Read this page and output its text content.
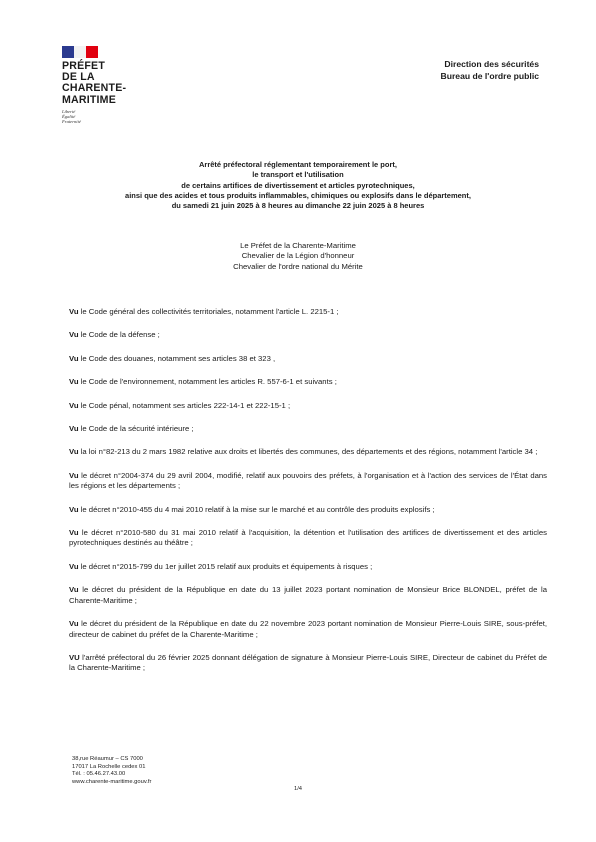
PRÉFET
DE LA
CHARENTE-
MARITIME
Liberté
Égalité
Fraternité
Direction des sécurités
Bureau de l'ordre public
Arrêté préfectoral réglementant temporairement le port,
le transport et l'utilisation
de certains artifices de divertissement et articles pyrotechniques,
ainsi que des acides et tous produits inflammables, chimiques ou explosifs dans le département,
du samedi 21 juin 2025 à 8 heures au dimanche 22 juin 2025 à 8 heures
Le Préfet de la Charente-Maritime
Chevalier de la Légion d'honneur
Chevalier de l'ordre national du Mérite

Vu le Code général des collectivités territoriales, notamment l'article L. 2215-1 ;

Vu le Code de la défense ;

Vu le Code des douanes, notamment ses articles 38 et 323 ,

Vu le Code de l'environnement, notamment les articles R. 557-6-1 et suivants ;

Vu le Code pénal, notamment ses articles 222-14-1 et 222-15-1 ;

Vu le Code de la sécurité intérieure ;

Vu la loi n°82-213 du 2 mars 1982 relative aux droits et libertés des communes, des départements et des régions, notamment l'article 34 ;

Vu le décret n°2004-374 du 29 avril 2004, modifié, relatif aux pouvoirs des préfets, à l'organisation et à l'action des services de l'État dans les régions et les départements ;

Vu le décret n°2010-455 du 4 mai 2010 relatif à la mise sur le marché et au contrôle des produits explosifs ;

Vu le décret n°2010-580 du 31 mai 2010 relatif à l'acquisition, la détention et l'utilisation des artifices de divertissement et des articles pyrotechniques destinés au théâtre ;

Vu le décret n°2015-799 du 1er juillet 2015 relatif aux produits et équipements à risques ;

Vu le décret du président de la République en date du 13 juillet 2023 portant nomination de Monsieur Brice BLONDEL, préfet de la Charente-Maritime ;

Vu le décret du président de la République en date du 22 novembre 2023 portant nomination de Monsieur Pierre-Louis SIRE, sous-préfet, directeur de cabinet du préfet de la Charente-Maritime ;

VU l'arrêté préfectoral du 26 février 2025 donnant délégation de signature à Monsieur Pierre-Louis SIRE, Directeur de cabinet du Préfet de la Charente-Maritime ;

38,rue Réaumur – CS 7000
17017 La Rochelle cedex 01
Tél. : 05.46.27.43.00
www.charente-maritime.gouv.fr
1/4
